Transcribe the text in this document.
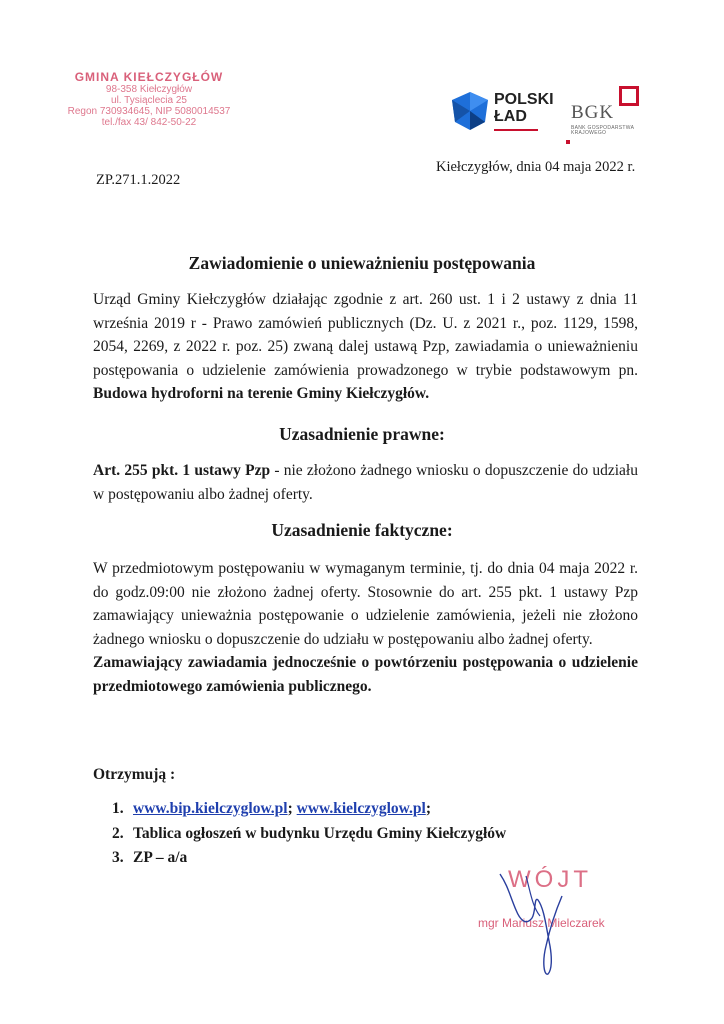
GMINA KIEŁCZYGŁÓW
98-358 Kiełczygłów
ul. Tysiąclecia 25
Regon 730934645, NIP 5080014537
tel./fax 43/ 842-50-22
POLSKI
ŁAD	BGK
BANK GOSPODARSTWA
KRAJOWEGO
Kiełczygłów, dnia 04 maja 2022 r.
ZP.271.1.2022
Zawiadomienie o unieważnieniu postępowania
Urząd Gminy Kiełczygłów działając zgodnie z art. 260 ust. 1 i 2 ustawy z dnia 11 września 2019 r - Prawo zamówień publicznych (Dz. U. z 2021 r., poz. 1129, 1598, 2054, 2269, z 2022 r. poz. 25) zwaną dalej ustawą Pzp, zawiadamia o unieważnieniu postępowania o udzielenie zamówienia prowadzonego w trybie podstawowym pn. Budowa hydroforni na terenie Gminy Kiełczygłów.
Uzasadnienie prawne:
Art. 255 pkt. 1 ustawy Pzp - nie złożono żadnego wniosku o dopuszczenie do udziału w postępowaniu albo żadnej oferty.
Uzasadnienie faktyczne:
W przedmiotowym postępowaniu w wymaganym terminie, tj. do dnia 04 maja 2022 r. do godz.09:00 nie złożono żadnej oferty. Stosownie do art. 255 pkt. 1 ustawy Pzp zamawiający unieważnia postępowanie o udzielenie zamówienia, jeżeli nie złożono żadnego wniosku o dopuszczenie do udziału w postępowaniu albo żadnej oferty.
Zamawiający zawiadamia jednocześnie o powtórzeniu postępowania o udzielenie przedmiotowego zamówienia publicznego.
Otrzymują :
1. www.bip.kielczyglow.pl; www.kielczyglow.pl;
2. Tablica ogłoszeń w budynku Urzędu Gminy Kiełczygłów
3. ZP – a/a
WÓJT
mgr Mariusz Mielczarek
